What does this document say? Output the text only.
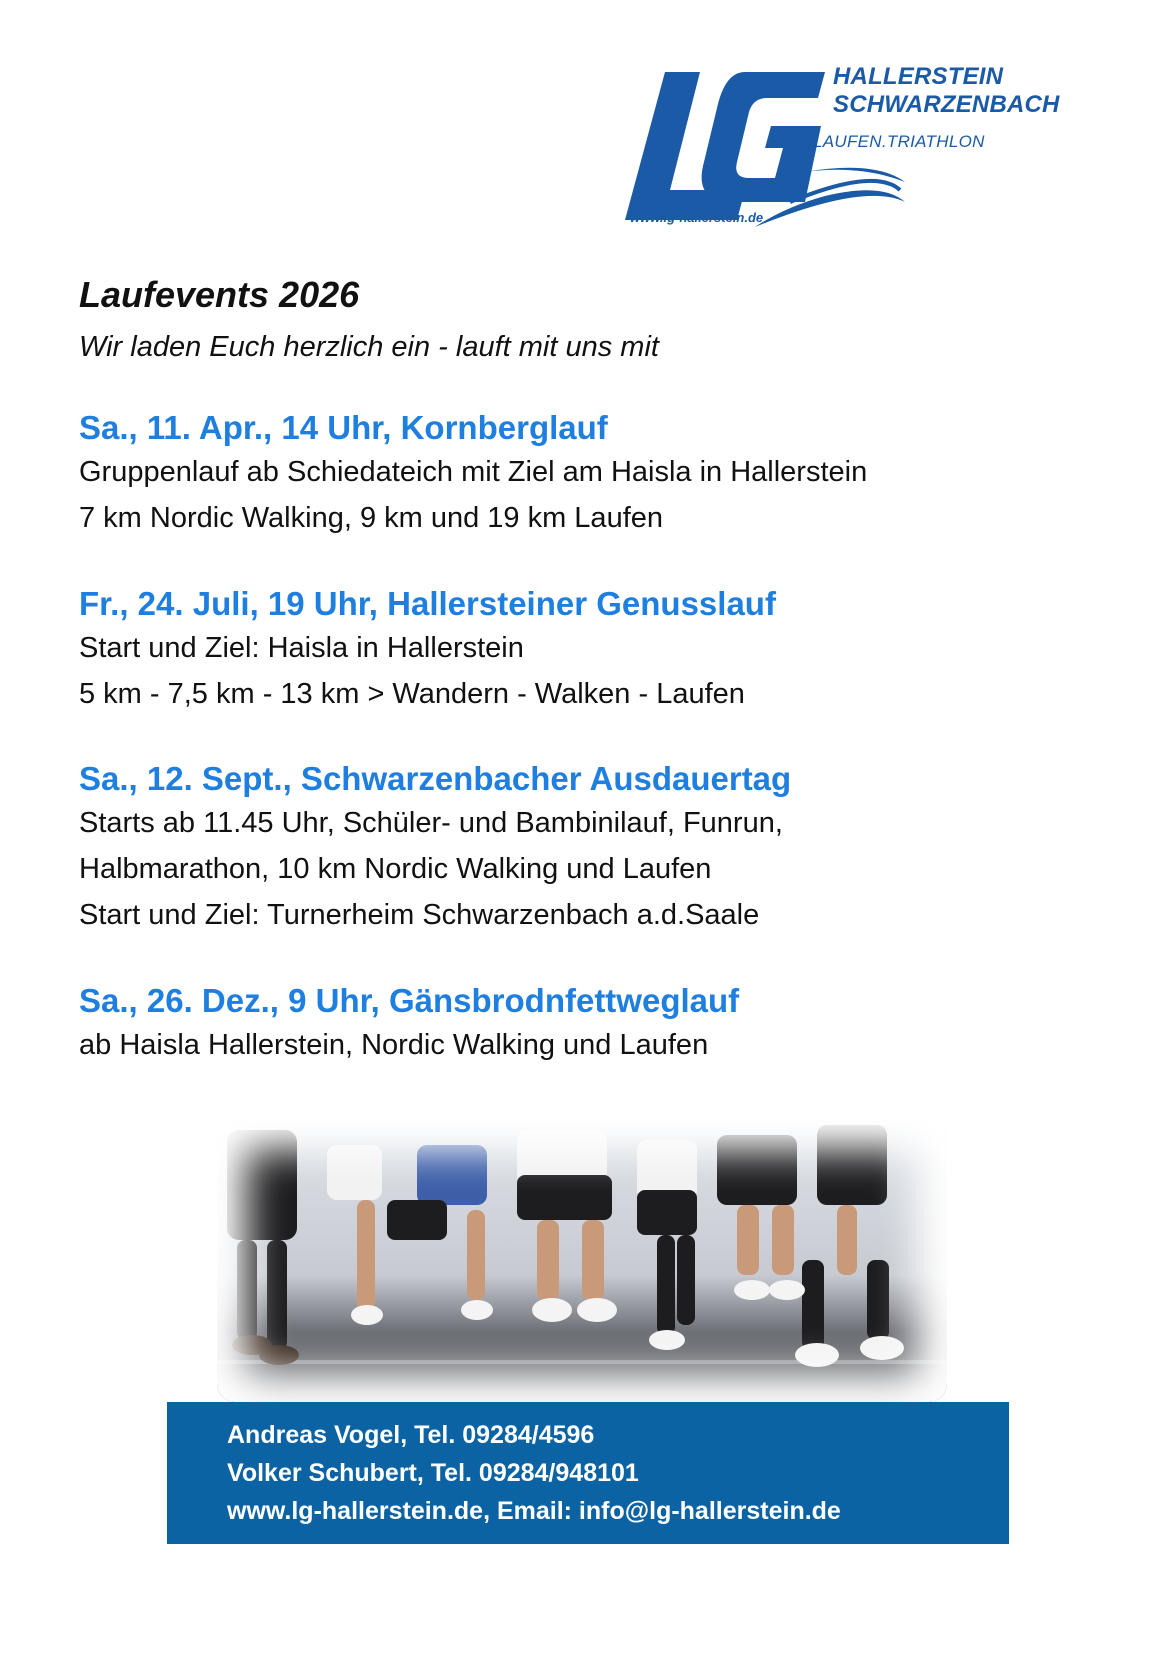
HALLERSTEIN
SCHWARZENBACH
LAUFEN.TRIATHLON
www.lg-hallerstein.de
Laufevents 2026
Wir laden Euch herzlich ein - lauft mit uns mit

Sa., 11. Apr., 14 Uhr, Kornberglauf

Gruppenlauf ab Schiedateich mit Ziel am Haisla in Hallerstein

7 km Nordic Walking, 9 km und 19 km Laufen

Fr., 24. Juli, 19 Uhr, Hallersteiner Genusslauf

Start und Ziel: Haisla in Hallerstein

5 km - 7,5 km - 13 km > Wandern - Walken - Laufen

Sa., 12. Sept., Schwarzenbacher Ausdauertag

Starts ab 11.45 Uhr, Schüler- und Bambinilauf, Funrun,

Halbmarathon, 10 km Nordic Walking und Laufen

Start und Ziel: Turnerheim Schwarzenbach a.d.Saale

Sa., 26. Dez., 9 Uhr, Gänsbrodnfettweglauf

ab Haisla Hallerstein, Nordic Walking und Laufen

Andreas Vogel, Tel. 09284/4596
Volker Schubert, Tel. 09284/948101
www.lg-hallerstein.de, Email: info@lg-hallerstein.de
